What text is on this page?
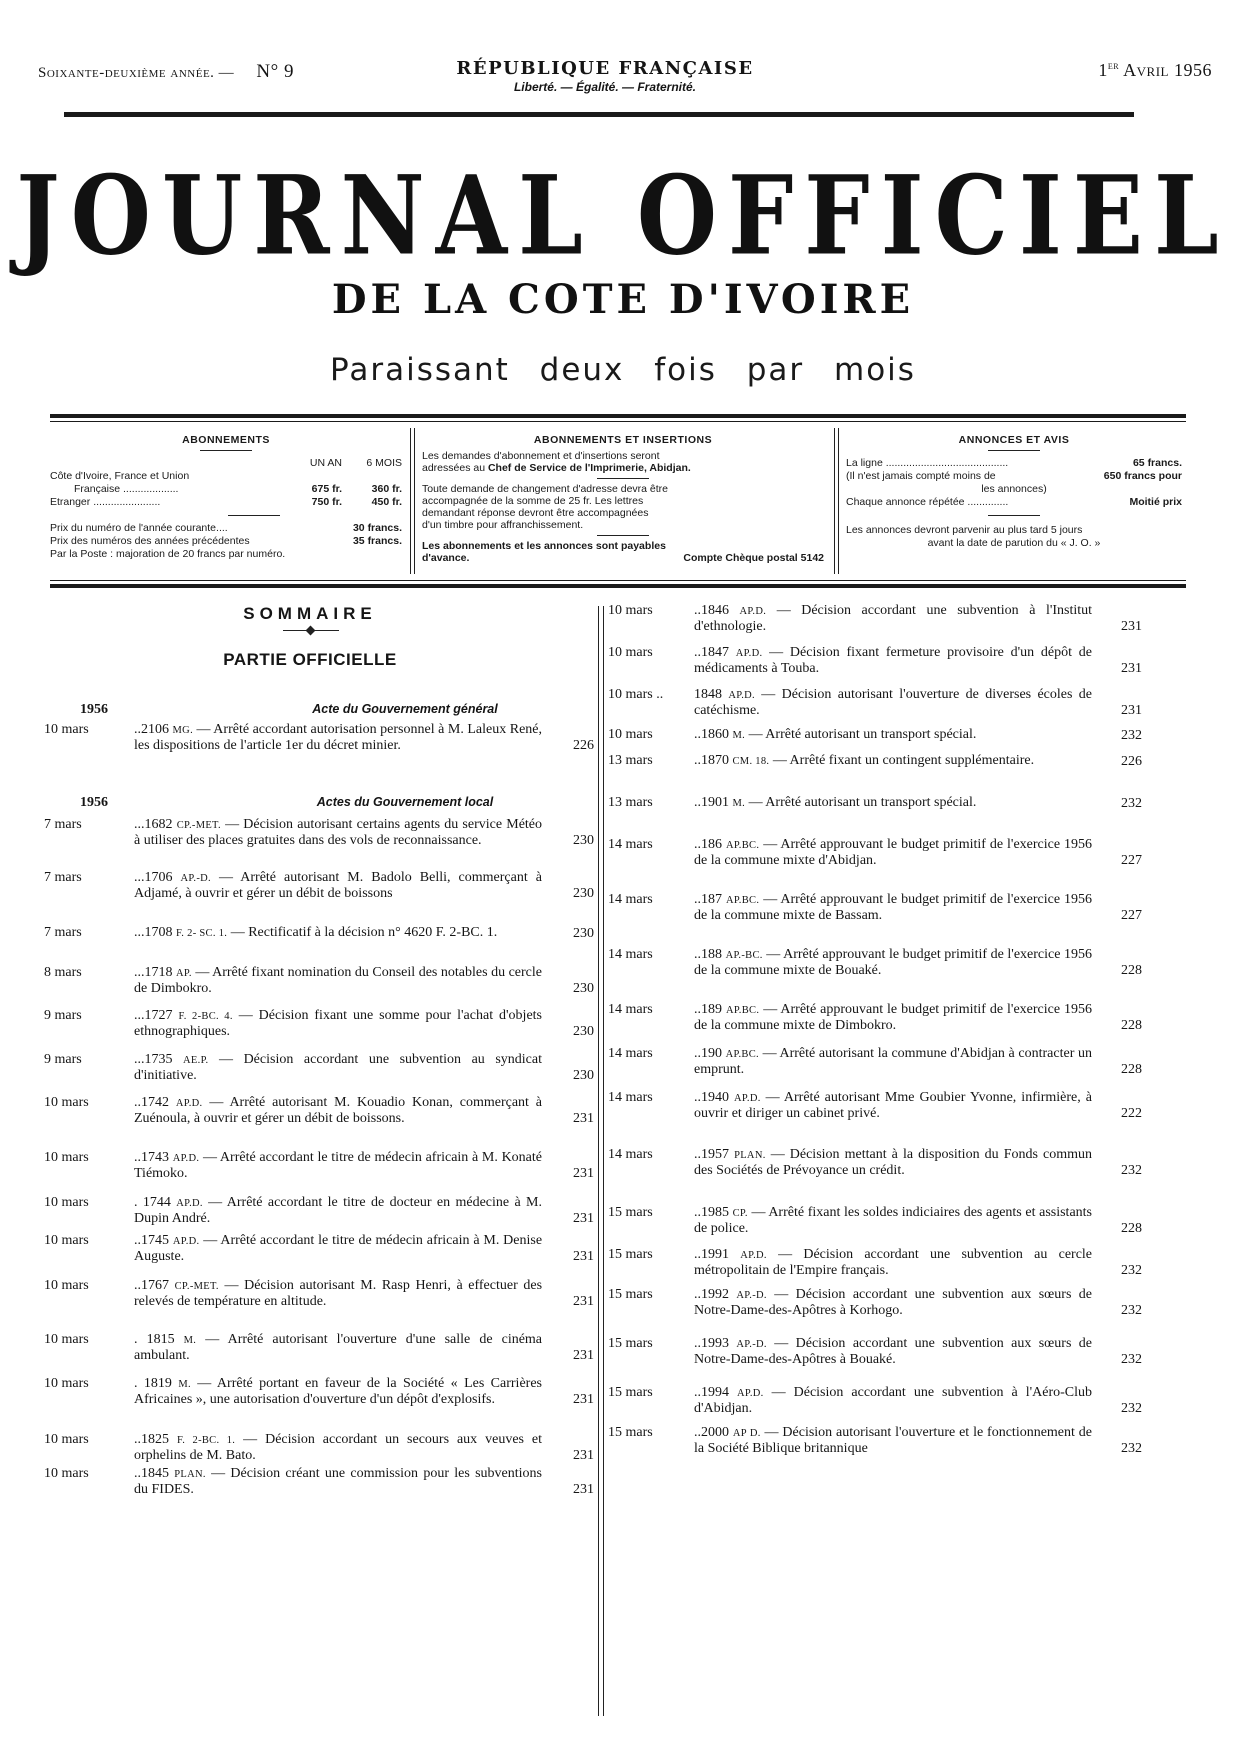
Soixante-deuxième année. — N° 9	RÉPUBLIQUE FRANÇAISE
Liberté. — Égalité. — Fraternité.
1er Avril 1956
JOURNAL OFFICIEL
DE LA COTE D'IVOIRE
Paraissant deux fois par mois
ABONNEMENTS
UN AN	6 MOIS
Côte d'Ivoire, France et Union
Française ...................	675 fr.	360 fr.
Etranger .......................	750 fr.	450 fr.
Prix du numéro de l'année courante....	30 francs.
Prix des numéros des années précédentes	35 francs.
Par la Poste : majoration de 20 francs par numéro.
ABONNEMENTS ET INSERTIONS

Les demandes d'abonnement et d'insertions seront
adressées au Chef de Service de l'Imprimerie, Abidjan.

Toute demande de changement d'adresse devra être
accompagnée de la somme de 25 fr. Les lettres
demandant réponse devront être accompagnées
d'un timbre pour affranchissement.

Les abonnements et les annonces sont payables
d'avance.	Compte Chèque postal 5142

ANNONCES ET AVIS
La ligne ..........................................	65 francs.
(Il n'est jamais compté moins de	650 francs pour
les annonces)
Chaque annonce répétée ..............	Moitié prix
Les annonces devront parvenir au plus tard 5 jours
avant la date de parution du « J. O. »
SOMMAIRE
PARTIE OFFICIELLE
1956	Acte du Gouvernement général
1956	Actes du Gouvernement local
10 mars	..2106 MG. — Arrêté accordant autorisation personnel à M. Laleux René, les dispositions de l'article 1er du décret minier.	226
7 mars	...1682 CP.-MET. — Décision autorisant certains agents du service Météo à utiliser des places gratuites dans des vols de reconnaissance.	230
7 mars	...1706 AP.-D. — Arrêté autorisant M. Badolo Belli, commerçant à Adjamé, à ouvrir et gérer un débit de boissons	230
7 mars	...1708 F. 2- SC. 1. — Rectificatif à la décision n° 4620 F. 2-BC. 1.	230
8 mars	...1718 AP. — Arrêté fixant nomination du Conseil des notables du cercle de Dimbokro.	230
9 mars	...1727 F. 2-BC. 4. — Décision fixant une somme pour l'achat d'objets ethnographiques.	230
9 mars	...1735 AE.P. — Décision accordant une subvention au syndicat d'initiative.	230
10 mars	..1742 AP.D. — Arrêté autorisant M. Kouadio Konan, commerçant à Zuénoula, à ouvrir et gérer un débit de boissons.	231
10 mars	..1743 AP.D. — Arrêté accordant le titre de médecin africain à M. Konaté Tiémoko.	231
10 mars	. 1744 AP.D. — Arrêté accordant le titre de docteur en médecine à M. Dupin André.	231
10 mars	..1745 AP.D. — Arrêté accordant le titre de médecin africain à M. Denise Auguste.	231
10 mars	..1767 CP.-MET. — Décision autorisant M. Rasp Henri, à effectuer des relevés de température en altitude.	231
10 mars	. 1815 M. — Arrêté autorisant l'ouverture d'une salle de cinéma ambulant.	231
10 mars	. 1819 M. — Arrêté portant en faveur de la Société « Les Carrières Africaines », une autorisation d'ouverture d'un dépôt d'explosifs.	231
10 mars	..1825 F. 2-BC. 1. — Décision accordant un secours aux veuves et orphelins de M. Bato.	231
10 mars	..1845 PLAN. — Décision créant une commission pour les subventions du FIDES.	231
10 mars	..1846 AP.D. — Décision accordant une subvention à l'Institut d'ethnologie.	231
10 mars	..1847 AP.D. — Décision fixant fermeture provisoire d'un dépôt de médicaments à Touba.	231
10 mars .. 1848 AP.D. — Décision autorisant l'ouverture de diverses écoles de catéchisme.	231
10 mars	..1860 M. — Arrêté autorisant un transport spécial.	232
13 mars	..1870 CM. 18. — Arrêté fixant un contingent supplémentaire.	226
13 mars	..1901 M. — Arrêté autorisant un transport spécial.	232
14 mars	..186 AP.BC. — Arrêté approuvant le budget primitif de l'exercice 1956 de la commune mixte d'Abidjan.	227
14 mars	..187 AP.BC. — Arrêté approuvant le budget primitif de l'exercice 1956 de la commune mixte de Bassam.	227
14 mars	..188 AP.-BC. — Arrêté approuvant le budget primitif de l'exercice 1956 de la commune mixte de Bouaké.	228
14 mars	..189 AP.BC. — Arrêté approuvant le budget primitif de l'exercice 1956 de la commune mixte de Dimbokro.	228
14 mars	..190 AP.BC. — Arrêté autorisant la commune d'Abidjan à contracter un emprunt.	228
14 mars	..1940 AP.D. — Arrêté autorisant Mme Goubier Yvonne, infirmière, à ouvrir et diriger un cabinet privé.	222
14 mars	..1957 PLAN. — Décision mettant à la disposition du Fonds commun des Sociétés de Prévoyance un crédit.	232
15 mars	..1985 CP. — Arrêté fixant les soldes indiciaires des agents et assistants de police.	228
15 mars	..1991 AP.D. — Décision accordant une subvention au cercle métropolitain de l'Empire français.	232
15 mars	..1992 AP.-D. — Décision accordant une subvention aux sœurs de Notre-Dame-des-Apôtres à Korhogo.	232
15 mars	..1993 AP.-D. — Décision accordant une subvention aux sœurs de Notre-Dame-des-Apôtres à Bouaké.	232
15 mars	..1994 AP.D. — Décision accordant une subvention à l'Aéro-Club d'Abidjan.	232
15 mars	..2000 AP D. — Décision autorisant l'ouverture et le fonctionnement de la Société Biblique britannique	232
